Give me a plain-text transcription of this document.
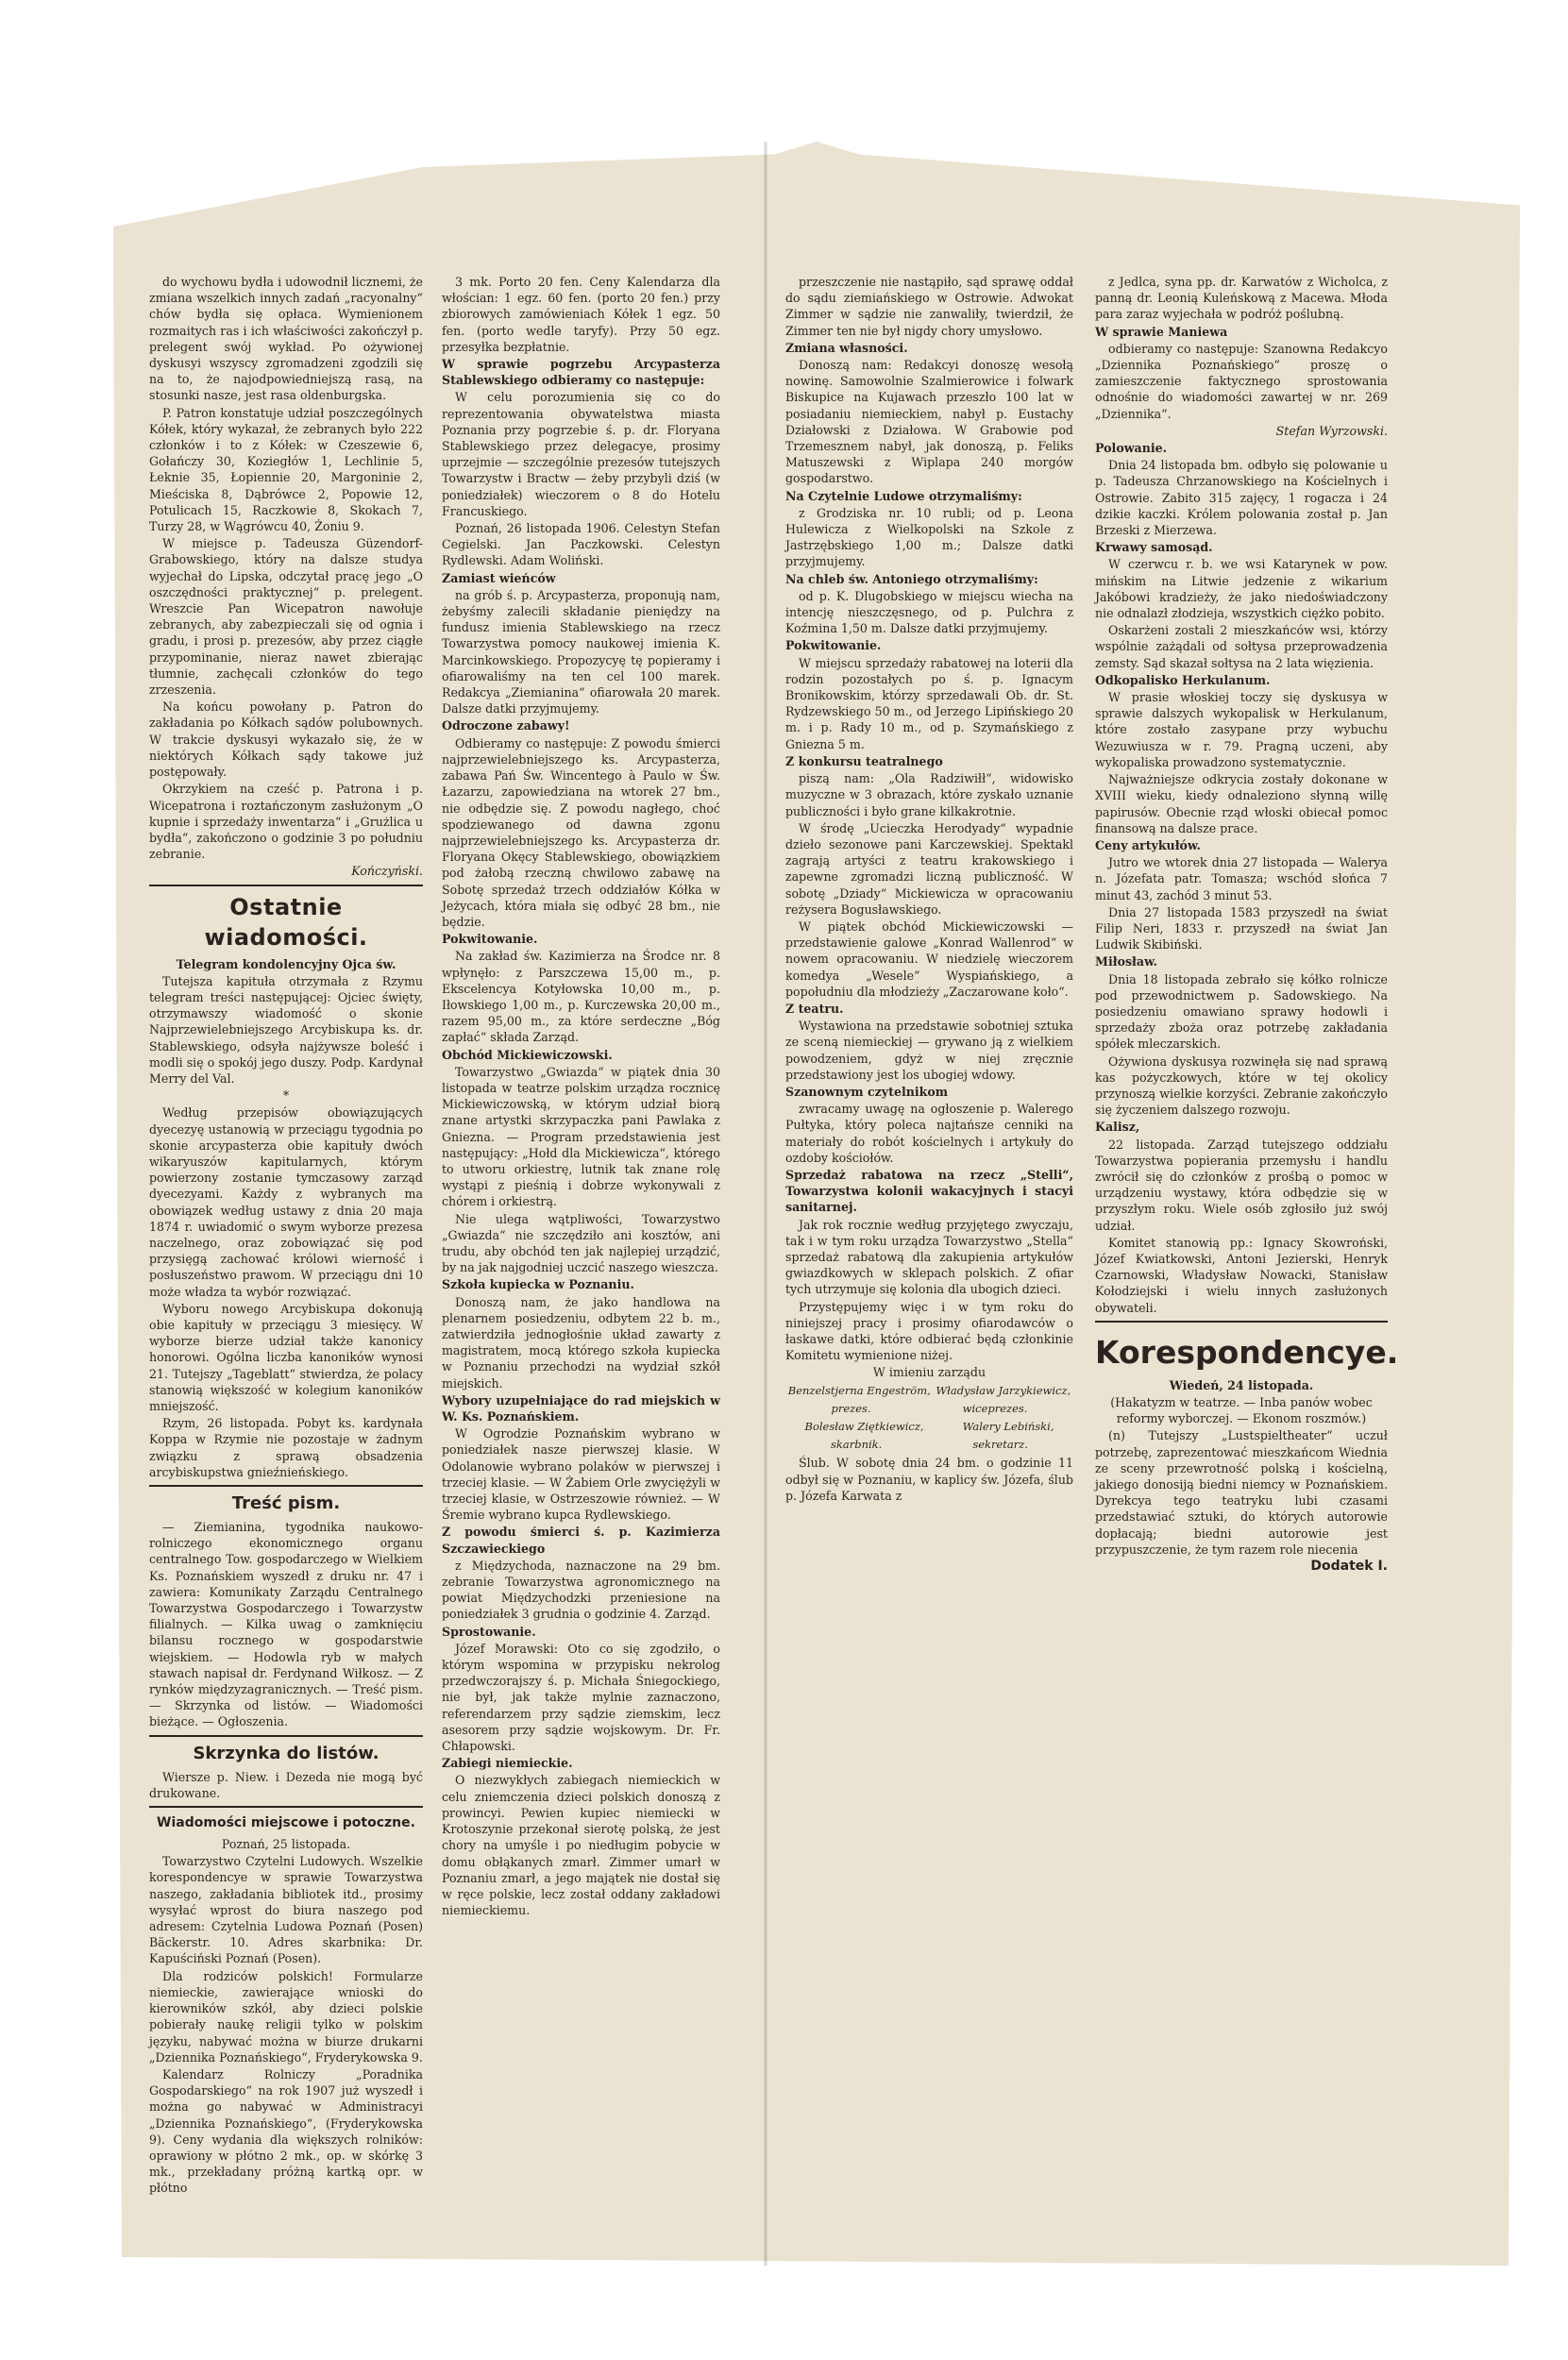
do wychowu bydła i udowodnił licznemi, że zmiana wszelkich innych zadań „racyonalny“ chów bydła się opłaca. Wymienionem rozmaitych ras i ich właściwości zakończył p. prelegent swój wykład. Po ożywionej dyskusyi wszyscy zgromadzeni zgodzili się na to, że najodpowiedniejszą rasą, na stosunki nasze, jest rasa oldenburgska.

P. Patron konstatuje udział poszczególnych Kółek, który wykazał, że zebranych było 222 członków i to z Kółek: w Czeszewie 6, Gołańczy 30, Koziegłów 1, Lechlinie 5, Łeknie 35, Łopiennie 20, Margoninie 2, Mieściska 8, Dąbrówce 2, Popowie 12, Potulicach 15, Raczkowie 8, Skokach 7, Turzy 28, w Wągrówcu 40, Żoniu 9.

W miejsce p. Tadeusza Güzendorf-Grabowskiego, który na dalsze studya wyjechał do Lipska, odczytał pracę jego „O oszczędności praktycznej“ p. prelegent. Wreszcie Pan Wicepatron nawołuje zebranych, aby zabezpieczali się od ognia i gradu, i prosi p. prezesów, aby przez ciągłe przypominanie, nieraz nawet zbierając tłumnie, zachęcali członków do tego zrzeszenia.

Na końcu powołany p. Patron do zakładania po Kółkach sądów polubownych. W trakcie dyskusyi wykazało się, że w niektórych Kółkach sądy takowe już postępowały.

Okrzykiem na cześć p. Patrona i p. Wicepatrona i roztańczonym zasłużonym „O kupnie i sprzedaży inwentarza“ i „Grużlica u bydła“, zakończono o godzinie 3 po południu zebranie.

Kończyński.

Ostatnie wiadomości.

Telegram kondolencyjny Ojca św.

Tutejsza kapituła otrzymała z Rzymu telegram treści następującej: Ojciec święty, otrzymawszy wiadomość o skonie Najprzewielebniejszego Arcybiskupa ks. dr. Stablewskiego, odsyła najżywsze boleść i modli się o spokój jego duszy. Podp. Kardynał Merry del Val.

*

Według przepisów obowiązujących dyecezyę ustanowią w przeciągu tygodnia po skonie arcypasterza obie kapituły dwóch wikaryuszów kapitularnych, którym powierzony zostanie tymczasowy zarząd dyecezyami. Każdy z wybranych ma obowiązek według ustawy z dnia 20 maja 1874 r. uwiadomić o swym wyborze prezesa naczelnego, oraz zobowiązać się pod przysięgą zachować królowi wierność i posłuszeństwo prawom. W przeciągu dni 10 może władza ta wybór rozwiązać.

Wyboru nowego Arcybiskupa dokonują obie kapituły w przeciągu 3 miesięcy. W wyborze bierze udział także kanonicy honorowi. Ogólna liczba kanoników wynosi 21. Tutejszy „Tageblatt“ stwierdza, że polacy stanowią większość w kolegium kanoników mniejszość.

Rzym, 26 listopada. Pobyt ks. kardynała Koppa w Rzymie nie pozostaje w żadnym związku z sprawą obsadzenia arcybiskupstwa gnieźnieńskiego.

Treść pism.

— Ziemianina, tygodnika naukowo-rolniczego ekonomicznego organu centralnego Tow. gospodarczego w Wielkiem Ks. Poznańskiem wyszedł z druku nr. 47 i zawiera: Komunikaty Zarządu Centralnego Towarzystwa Gospodarczego i Towarzystw filialnych. — Kilka uwag o zamknięciu bilansu rocznego w gospodarstwie wiejskiem. — Hodowla ryb w małych stawach napisał dr. Ferdynand Wiłkosz. — Z rynków międzyzagranicznych. — Treść pism. — Skrzynka od listów. — Wiadomości bieżące. — Ogłoszenia.

Skrzynka do listów.

Wiersze p. Niew. i Dezeda nie mogą być drukowane.

Wiadomości miejscowe i potoczne.

Poznań, 25 listopada.

Towarzystwo Czytelni Ludowych. Wszelkie korespondencye w sprawie Towarzystwa naszego, zakładania bibliotek itd., prosimy wysyłać wprost do biura naszego pod adresem: Czytelnia Ludowa Poznań (Posen) Bäckerstr. 10. Adres skarbnika: Dr. Kapuściński Poznań (Posen).

Dla rodziców polskich! Formularze niemieckie, zawierające wnioski do kierowników szkół, aby dzieci polskie pobierały naukę religii tylko w polskim języku, nabywać można w biurze drukarni „Dziennika Poznańskiego“, Fryderykowska 9.

Kalendarz Rolniczy „Poradnika Gospodarskiego“ na rok 1907 już wyszedł i można go nabywać w Administracyi „Dziennika Poznańskiego“, (Fryderykowska 9). Ceny wydania dla większych rolników: oprawiony w płótno 2 mk., op. w skórkę 3 mk., przekładany próżną kartką opr. w płótno

3 mk. Porto 20 fen. Ceny Kalendarza dla włościan: 1 egz. 60 fen. (porto 20 fen.) przy zbiorowych zamówieniach Kółek 1 egz. 50 fen. (porto wedle taryfy). Przy 50 egz. przesyłka bezpłatnie.

W sprawie pogrzebu Arcypasterza Stablewskiego odbieramy co następuje:

W celu porozumienia się co do reprezentowania obywatelstwa miasta Poznania przy pogrzebie ś. p. dr. Floryana Stablewskiego przez delegacye, prosimy uprzejmie — szczególnie prezesów tutejszych Towarzystw i Bractw — żeby przybyli dziś (w poniedziałek) wieczorem o 8 do Hotelu Francuskiego.

Poznań, 26 listopada 1906. Celestyn Stefan Cegielski. Jan Paczkowski. Celestyn Rydlewski. Adam Woliński.

Zamiast wieńców

na grób ś. p. Arcypasterza, proponują nam, żebyśmy zalecili składanie pieniędzy na fundusz imienia Stablewskiego na rzecz Towarzystwa pomocy naukowej imienia K. Marcinkowskiego. Propozycyę tę popieramy i ofiarowaliśmy na ten cel 100 marek. Redakcya „Ziemianina“ ofiarowała 20 marek. Dalsze datki przyjmujemy.

Odroczone zabawy!

Odbieramy co następuje: Z powodu śmierci najprzewielebniejszego ks. Arcypasterza, zabawa Pań Św. Wincentego à Paulo w Św. Łazarzu, zapowiedziana na wtorek 27 bm., nie odbędzie się. Z powodu nagłego, choć spodziewanego od dawna zgonu najprzewielebniejszego ks. Arcypasterza dr. Floryana Okęcy Stablewskiego, obowiązkiem pod żałobą rzeczną chwilowo zabawę na Sobotę sprzedaż trzech oddziałów Kółka w Jeżycach, która miała się odbyć 28 bm., nie będzie.

Pokwitowanie.

Na zakład św. Kazimierza na Środce nr. 8 wpłynęło: z Parszczewa 15,00 m., p. Ekscelencya Kotyłowska 10,00 m., p. Iłowskiego 1,00 m., p. Kurczewska 20,00 m., razem 95,00 m., za które serdeczne „Bóg zapłać“ składa Zarząd.

Obchód Mickiewiczowski.

Towarzystwo „Gwiazda“ w piątek dnia 30 listopada w teatrze polskim urządza rocznicę Mickiewiczowską, w którym udział biorą znane artystki skrzypaczka pani Pawlaka z Gniezna. — Program przedstawienia jest następujący: „Hołd dla Mickiewicza“, którego to utworu orkiestrę, lutnik tak znane rolę wystąpi z pieśnią i dobrze wykonywali z chórem i orkiestrą.

Nie ulega wątpliwości, Towarzystwo „Gwiazda“ nie szczędziło ani kosztów, ani trudu, aby obchód ten jak najlepiej urządzić, by na jak najgodniej uczcić naszego wieszcza.

Szkoła kupiecka w Poznaniu.

Donoszą nam, że jako handlowa na plenarnem posiedzeniu, odbytem 22 b. m., zatwierdziła jednogłośnie układ zawarty z magistratem, mocą którego szkoła kupiecka w Poznaniu przechodzi na wydział szkół miejskich.

Wybory uzupełniające do rad miejskich w W. Ks. Poznańskiem.

W Ogrodzie Poznańskim wybrano w poniedziałek nasze pierwszej klasie. W Odolanowie wybrano polaków w pierwszej i trzeciej klasie. — W Żabiem Orle zwyciężyli w trzeciej klasie, w Ostrzeszowie również. — W Śremie wybrano kupca Rydlewskiego.

Z powodu śmierci ś. p. Kazimierza Szczawieckiego

z Międzychoda, naznaczone na 29 bm. zebranie Towarzystwa agronomicznego na powiat Międzychodzki przeniesione na poniedziałek 3 grudnia o godzinie 4. Zarząd.

Sprostowanie.

Józef Morawski: Oto co się zgodziło, o którym wspomina w przypisku nekrolog przedwczorajszy ś. p. Michała Śniegockiego, nie był, jak także mylnie zaznaczono, referendarzem przy sądzie ziemskim, lecz asesorem przy sądzie wojskowym. Dr. Fr. Chłapowski.

Zabiegi niemieckie.

O niezwykłych zabiegach niemieckich w celu zniemczenia dzieci polskich donoszą z prowincyi. Pewien kupiec niemiecki w Krotoszynie przekonał sierotę polską, że jest chory na umyśle i po niedługim pobycie w domu obłąkanych zmarł. Zimmer umarł w Poznaniu zmarł, a jego majątek nie dostał się w ręce polskie, lecz został oddany zakładowi niemieckiemu.

przeszczenie nie nastąpiło, sąd sprawę oddał do sądu ziemiańskiego w Ostrowie. Adwokat Zimmer w sądzie nie zanwaliły, twierdził, że Zimmer ten nie był nigdy chory umysłowo.

Zmiana własności.

Donoszą nam: Redakcyi donoszę wesołą nowinę. Samowolnie Szalmierowice i folwark Biskupice na Kujawach przeszło 100 lat w posiadaniu niemieckiem, nabył p. Eustachy Działowski z Działowa. W Grabowie pod Trzemesznem nabył, jak donoszą, p. Feliks Matuszewski z Wiplapa 240 morgów gospodarstwo.

Na Czytelnie Ludowe otrzymaliśmy:

z Grodziska nr. 10 rubli; od p. Leona Hulewicza z Wielkopolski na Szkole z Jastrzębskiego 1,00 m.; Dalsze datki przyjmujemy.

Na chleb św. Antoniego otrzymaliśmy:

od p. K. Dlugobskiego w miejscu wiecha na intencję nieszczęsnego, od p. Pulchra z Koźmina 1,50 m. Dalsze datki przyjmujemy.

Pokwitowanie.

W miejscu sprzedaży rabatowej na loterii dla rodzin pozostałych po ś. p. Ignacym Bronikowskim, którzy sprzedawali Ob. dr. St. Rydzewskiego 50 m., od Jerzego Lipińskiego 20 m. i p. Rady 10 m., od p. Szymańskiego z Gniezna 5 m.

Z konkursu teatralnego

piszą nam: „Ola Radziwiłł“, widowisko muzyczne w 3 obrazach, które zyskało uznanie publiczności i było grane kilkakrotnie.

W środę „Ucieczka Herodyady“ wypadnie dzieło sezonowe pani Karczewskiej. Spektakl zagrają artyści z teatru krakowskiego i zapewne zgromadzi liczną publiczność. W sobotę „Dziady“ Mickiewicza w opracowaniu reżysera Bogusławskiego.

W piątek obchód Mickiewiczowski — przedstawienie galowe „Konrad Wallenrod“ w nowem opracowaniu. W niedzielę wieczorem komedya „Wesele“ Wyspiańskiego, a popołudniu dla młodzieży „Zaczarowane koło“.

Z teatru.

Wystawiona na przedstawie sobotniej sztuka ze sceną niemieckiej — grywano ją z wielkiem powodzeniem, gdyż w niej zręcznie przedstawiony jest los ubogiej wdowy.

Szanownym czytelnikom

zwracamy uwagę na ogłoszenie p. Walerego Pułtyka, który poleca najtańsze cenniki na materiały do robót kościelnych i artykuły do ozdoby kościołów.

Sprzedaż rabatowa na rzecz „Stelli“, Towarzystwa kolonii wakacyjnych i stacyi sanitarnej.

Jak rok rocznie według przyjętego zwyczaju, tak i w tym roku urządza Towarzystwo „Stella“ sprzedaż rabatową dla zakupienia artykułów gwiazdkowych w sklepach polskich. Z ofiar tych utrzymuje się kolonia dla ubogich dzieci.

Przystępujemy więc i w tym roku do niniejszej pracy i prosimy ofiarodawców o łaskawe datki, które odbierać będą członkinie Komitetu wymienione niżej.

W imieniu zarządu

Benzelstjerna Engeström, Władysław Jarzykiewicz,
prezes.	wiceprezes.
Bolesław Ziętkiewicz,	Walery Lebiński,
skarbnik.	sekretarz.

Ślub. W sobotę dnia 24 bm. o godzinie 11 odbył się w Poznaniu, w kaplicy św. Józefa, ślub p. Józefa Karwata z

z Jedlca, syna pp. dr. Karwatów z Wicholca, z panną dr. Leonią Kuleńskową z Macewa. Młoda para zaraz wyjechała w podróż poślubną.

W sprawie Maniewa

odbieramy co następuje: Szanowna Redakcyo „Dziennika Poznańskiego“ proszę o zamieszczenie faktycznego sprostowania odnośnie do wiadomości zawartej w nr. 269 „Dziennika“.

Stefan Wyrzowski.

Polowanie.

Dnia 24 listopada bm. odbyło się polowanie u p. Tadeusza Chrzanowskiego na Kościelnych i Ostrowie. Zabito 315 zajęcy, 1 rogacza i 24 dzikie kaczki. Królem polowania został p. Jan Brzeski z Mierzewa.

Krwawy samosąd.

W czerwcu r. b. we wsi Katarynek w pow. mińskim na Litwie jedzenie z wikarium Jakóbowi kradzieży, że jako niedoświadczony nie odnalazł złodzieja, wszystkich ciężko pobito.

Oskarżeni zostali 2 mieszkańców wsi, którzy wspólnie zażądali od sołtysa przeprowadzenia zemsty. Sąd skazał sołtysa na 2 lata więzienia.

Odkopalisko Herkulanum.

W prasie włoskiej toczy się dyskusya w sprawie dalszych wykopalisk w Herkulanum, które zostało zasypane przy wybuchu Wezuwiusza w r. 79. Pragną uczeni, aby wykopaliska prowadzono systematycznie.

Najważniejsze odkrycia zostały dokonane w XVIII wieku, kiedy odnaleziono słynną willę papirusów. Obecnie rząd włoski obiecał pomoc finansową na dalsze prace.

Ceny artykułów.

Jutro we wtorek dnia 27 listopada — Walerya n. Józefata patr. Tomasza; wschód słońca 7 minut 43, zachód 3 minut 53.

Dnia 27 listopada 1583 przyszedł na świat Filip Neri, 1833 r. przyszedł na świat Jan Ludwik Skibiński.

Miłosław.

Dnia 18 listopada zebrało się kółko rolnicze pod przewodnictwem p. Sadowskiego. Na posiedzeniu omawiano sprawy hodowli i sprzedaży zboża oraz potrzebę zakładania spółek mleczarskich.

Ożywiona dyskusya rozwinęła się nad sprawą kas pożyczkowych, które w tej okolicy przynoszą wielkie korzyści. Zebranie zakończyło się życzeniem dalszego rozwoju.

Kalisz,

22 listopada. Zarząd tutejszego oddziału Towarzystwa popierania przemysłu i handlu zwrócił się do członków z prośbą o pomoc w urządzeniu wystawy, która odbędzie się w przyszłym roku. Wiele osób zgłosiło już swój udział.

Komitet stanowią pp.: Ignacy Skowroński, Józef Kwiatkowski, Antoni Jezierski, Henryk Czarnowski, Władysław Nowacki, Stanisław Kołodziejski i wielu innych zasłużonych obywateli.

Korespondencye.

Wiedeń, 24 listopada.

(Hakatyzm w teatrze. — Inba panów wobec reformy wyborczej. — Ekonom roszmów.)

(n) Tutejszy „Lustspieltheater“ uczuł potrzebę, zaprezentować mieszkańcom Wiednia ze sceny przewrotność polską i kościelną, jakiego donosiją biedni niemcy w Poznańskiem. Dyrekcya tego teatryku lubi czasami przedstawiać sztuki, do których autorowie dopłacają; biedni autorowie jest przypuszczenie, że tym razem role niecenia

Dodatek I.
